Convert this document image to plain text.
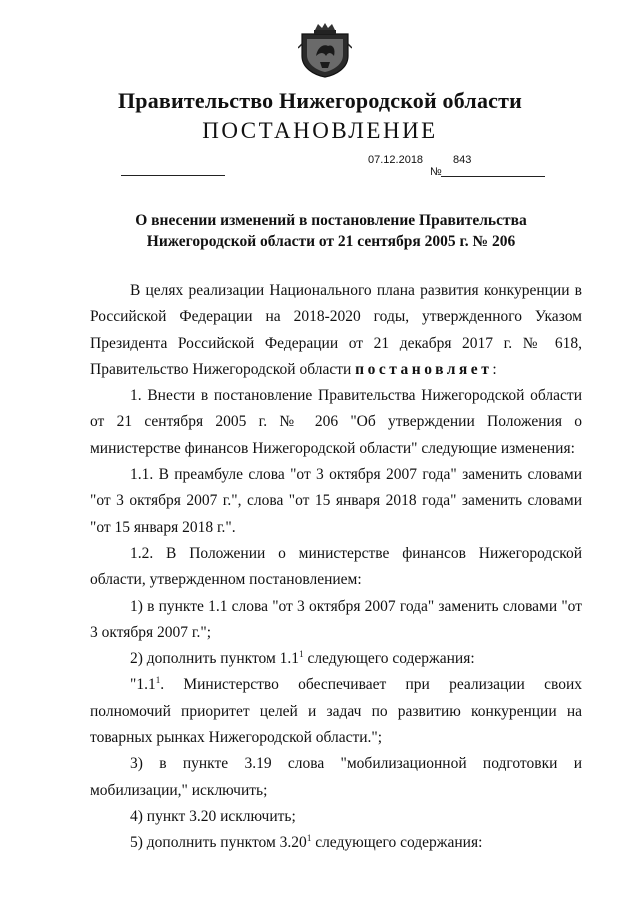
Правительство Нижегородской области
ПОСТАНОВЛЕНИЕ
07.12.2018	843
№
О внесении изменений в постановление Правительства
Нижегородской области от 21 сентября 2005 г. № 206

В целях реализации Национального плана развития конкуренции в Российской Федерации на 2018-2020 годы, утвержденного Указом Президента Российской Федерации от 21 декабря 2017 г. № 618, Правительство Нижегородской области постановляет:

1. Внести в постановление Правительства Нижегородской области от 21 сентября 2005 г. № 206 "Об утверждении Положения о министерстве финансов Нижегородской области" следующие изменения:

1.1. В преамбуле слова "от 3 октября 2007 года" заменить словами "от 3 октября 2007 г.", слова "от 15 января 2018 года" заменить словами "от 15 января 2018 г.".

1.2. В Положении о министерстве финансов Нижегородской области, утвержденном постановлением:

1) в пункте 1.1 слова "от 3 октября 2007 года" заменить словами "от 3 октября 2007 г.";

2) дополнить пунктом $1.1^1$ следующего содержания:

"$1.1^1$. Министерство обеспечивает при реализации своих полномочий приоритет целей и задач по развитию конкуренции на товарных рынках Нижегородской области.";

3) в пункте 3.19 слова "мобилизационной подготовки и мобилизации," исключить;

4) пункт 3.20 исключить;

5) дополнить пунктом 3.20$^1$ следующего содержания:
